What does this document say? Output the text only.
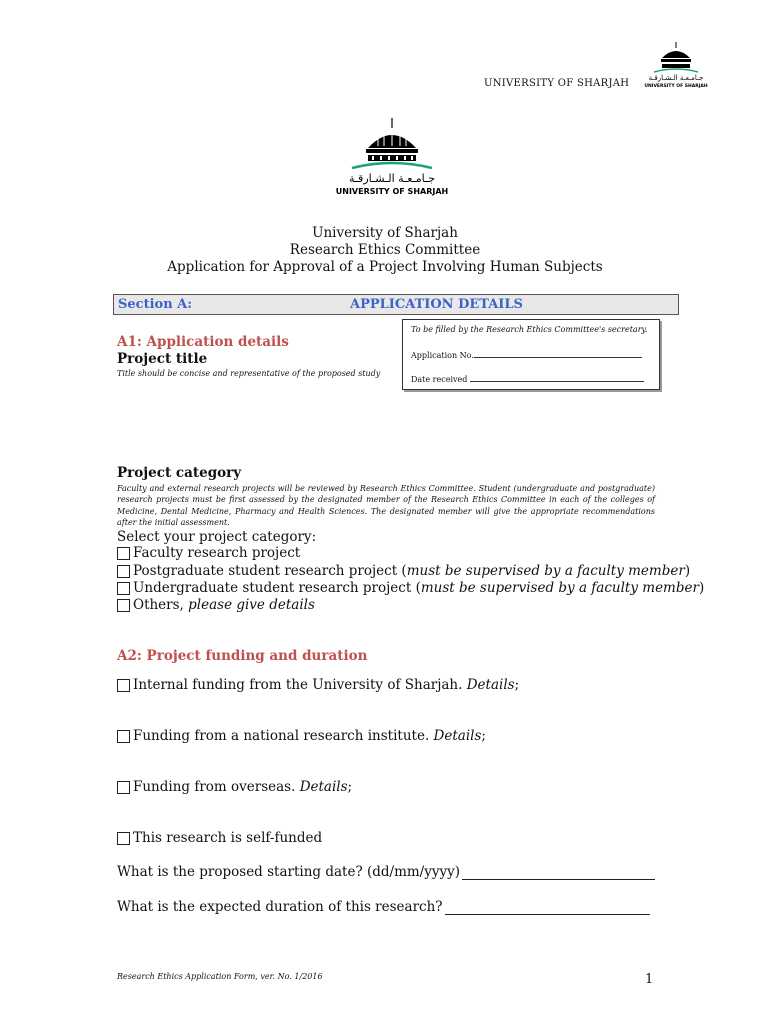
جـامـعـة الـشـارقـة
UNIVERSITY OF SHARJAH
UNIVERSITY OF SHARJAH
جـامـعـة الـشـارقـة
UNIVERSITY OF SHARJAH
University of Sharjah
Research Ethics Committee
Application for Approval of a Project Involving Human Subjects
Section A:	APPLICATION DETAILS
To be filled by the Research Ethics Committee's secretary.
Application No.
Date received
A1: Application details
Project title
Title should be concise and representative of the proposed study
Project category
Faculty and external research projects will be reviewed by Research Ethics Committee. Student (undergraduate and postgraduate) research projects must be first assessed by the designated member of the Research Ethics Committee in each of the colleges of Medicine, Dental Medicine, Pharmacy and Health Sciences. The designated member will give the appropriate recommendations after the initial assessment.
Select your project category:
Faculty research project
Postgraduate student research project ( must be supervised by a faculty member )
Undergraduate student research project ( must be supervised by a faculty member )
Others, please give details
A2: Project funding and duration
Internal funding from the University of Sharjah. Details ;
Funding from a national research institute. Details ;
Funding from overseas. Details ;
This research is self-funded
What is the proposed starting date? (dd/mm/yyyy)
What is the expected duration of this research?
Research Ethics Application Form, ver. No. 1/2016	1
